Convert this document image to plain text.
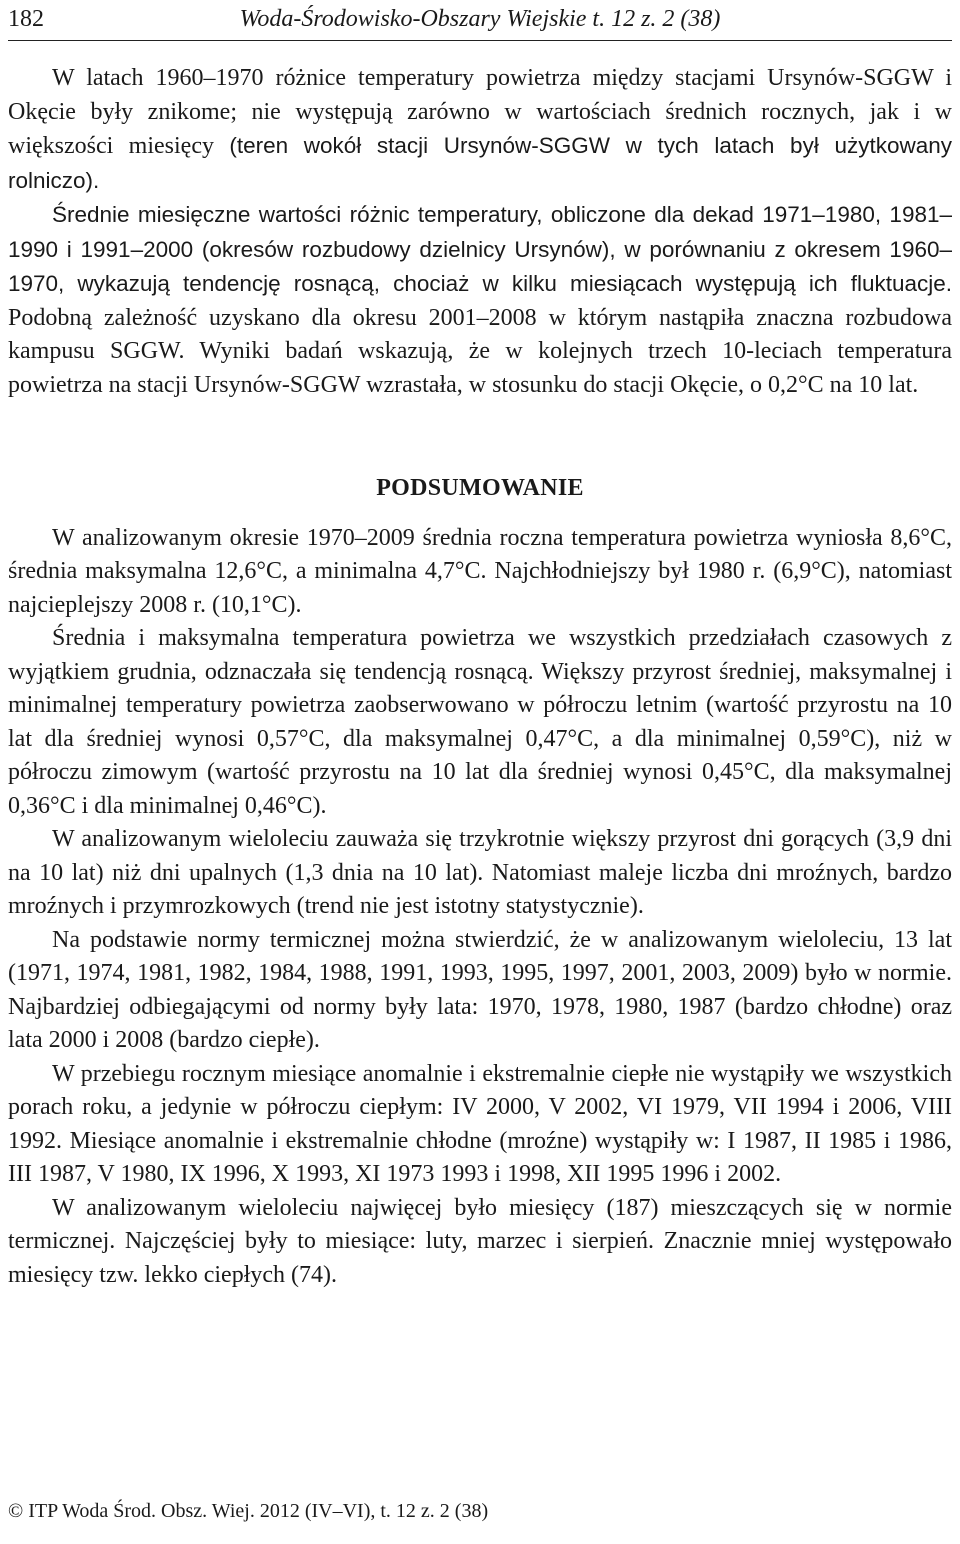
182	Woda-Środowisko-Obszary Wiejskie t. 12 z. 2 (38)

W latach 1960–1970 różnice temperatury powietrza między stacjami Ursynów-SGGW i Okęcie były znikome; nie występują zarówno w wartościach średnich rocznych, jak i w większości miesięcy (teren wokół stacji Ursynów-SGGW w tych latach był użytkowany rolniczo).

Średnie miesięczne wartości różnic temperatury, obliczone dla dekad 1971–1980, 1981–1990 i 1991–2000 (okresów rozbudowy dzielnicy Ursynów), w porównaniu z okresem 1960–1970, wykazują tendencję rosnącą, chociaż w kilku miesiącach występują ich fluktuacje. Podobną zależność uzyskano dla okresu 2001–2008 w którym nastąpiła znaczna rozbudowa kampusu SGGW. Wyniki badań wskazują, że w kolejnych trzech 10-leciach temperatura powietrza na stacji Ursynów-SGGW wzrastała, w stosunku do stacji Okęcie, o 0,2°C na 10 lat.

PODSUMOWANIE

W analizowanym okresie 1970–2009 średnia roczna temperatura powietrza wyniosła 8,6°C, średnia maksymalna 12,6°C, a minimalna 4,7°C. Najchłodniejszy był 1980 r. (6,9°C), natomiast najcieplejszy 2008 r. (10,1°C).

Średnia i maksymalna temperatura powietrza we wszystkich przedziałach czasowych z wyjątkiem grudnia, odznaczała się tendencją rosnącą. Większy przyrost średniej, maksymalnej i minimalnej temperatury powietrza zaobserwowano w półroczu letnim (wartość przyrostu na 10 lat dla średniej wynosi 0,57°C, dla maksymalnej 0,47°C, a dla minimalnej 0,59°C), niż w półroczu zimowym (wartość przyrostu na 10 lat dla średniej wynosi 0,45°C, dla maksymalnej 0,36°C i dla minimalnej 0,46°C).

W analizowanym wieloleciu zauważa się trzykrotnie większy przyrost dni gorących (3,9 dni na 10 lat) niż dni upalnych (1,3 dnia na 10 lat). Natomiast maleje liczba dni mroźnych, bardzo mroźnych i przymrozkowych (trend nie jest istotny statystycznie).

Na podstawie normy termicznej można stwierdzić, że w analizowanym wieloleciu, 13 lat (1971, 1974, 1981, 1982, 1984, 1988, 1991, 1993, 1995, 1997, 2001, 2003, 2009) było w normie. Najbardziej odbiegającymi od normy były lata: 1970, 1978, 1980, 1987 (bardzo chłodne) oraz lata 2000 i 2008 (bardzo ciepłe).

W przebiegu rocznym miesiące anomalnie i ekstremalnie ciepłe nie wystąpiły we wszystkich porach roku, a jedynie w półroczu ciepłym: IV 2000, V 2002, VI 1979, VII 1994 i 2006, VIII 1992. Miesiące anomalnie i ekstremalnie chłodne (mroźne) wystąpiły w: I 1987, II 1985 i 1986, III 1987, V 1980, IX 1996, X 1993, XI 1973 1993 i 1998, XII 1995 1996 i 2002.

W analizowanym wieloleciu najwięcej było miesięcy (187) mieszczących się w normie termicznej. Najczęściej były to miesiące: luty, marzec i sierpień. Znacznie mniej występowało miesięcy tzw. lekko ciepłych (74).

© ITP Woda Środ. Obsz. Wiej. 2012 (IV–VI), t. 12 z. 2 (38)
